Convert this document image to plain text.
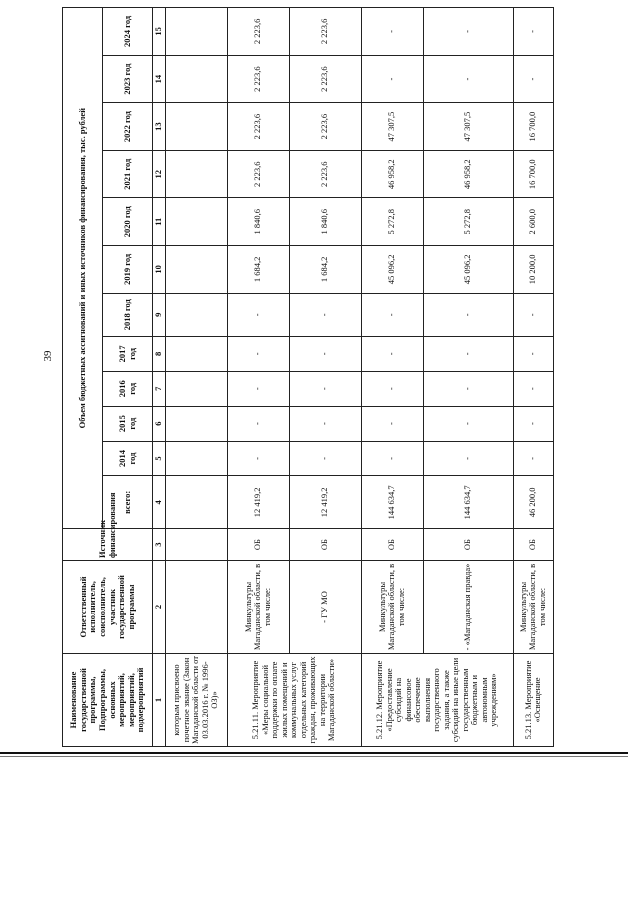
39
Наименование государственной программы, Подпрограммы, основных мероприятий, мероприятий, подмероприятий	Ответственный исполнитель, соисполнитель, участник государственной программы	Источник финансирования	Объем бюджетных ассигнований и иных источников финансирования, тыс. рублей											
			всего:	2014 год	2015 год	2016 год	2017 год	2018 год	2019 год	2020 год	2021 год	2022 год	2023 год	2024 год
1	2	3	4	5	6	7	8	9	10	11	12	13	14	15
которым присвоено почетное звание (Закон Магаданской области от 03.03.2016 г. № 1996-ОЗ)»														
5.21.11. Мероприятие «Меры социальной поддержки по оплате жилых помещений и коммунальных услуг отдельных категорий граждан, проживающих на территории Магаданской области»	Минкультуры Магаданской области, в том числе:	ОБ	12 419,2	-	-	-	-	-	1 684,2	1 840,6	2 223,6	2 223,6	2 223,6	2 223,6
	- ГУ МО	ОБ	12 419,2	-	-	-	-	-	1 684,2	1 840,6	2 223,6	2 223,6	2 223,6	2 223,6
5.21.12. Мероприятие «Предоставление субсидий на финансовое обеспечение выполнения государственного задания, а также субсидий на иные цели государственным бюджетным и автономным учреждениям»	Минкультуры Магаданской области, в том числе:	ОБ	144 634,7	-	-	-	-	-	45 096,2	5 272,8	46 958,2	47 307,5	-	-
	- «Магаданская правда»	ОБ	144 634,7	-	-	-	-	-	45 096,2	5 272,8	46 958,2	47 307,5	-	-
5.21.13. Мероприятие «Освещение	Минкультуры Магаданской области, в том числе:	ОБ	46 200,0	-	-	-	-	-	10 200,0	2 600,0	16 700,0	16 700,0	-	-
